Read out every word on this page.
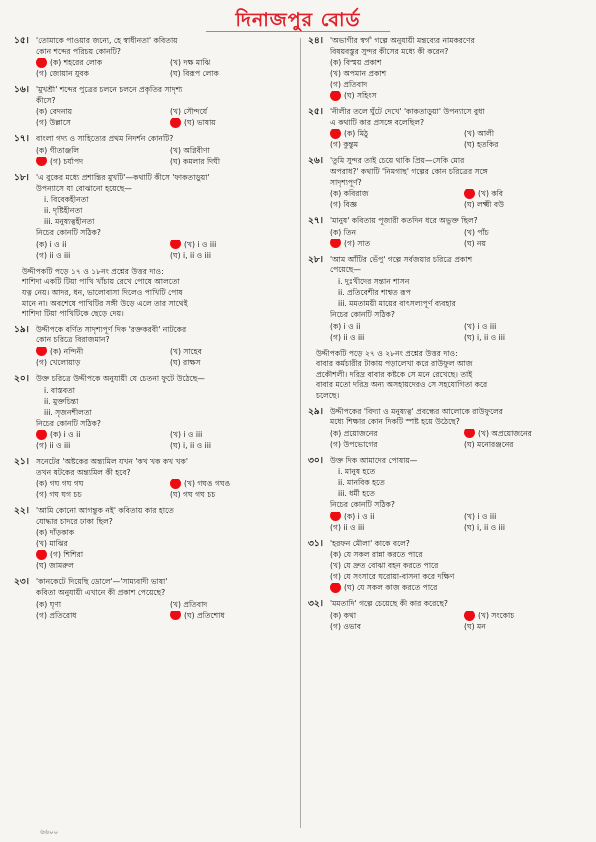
দিনাজপুর বোর্ড
১৫। 'তোমাকে পাওয়ার জন্যে, হে স্বাধীনতা' কবিতায়
কোন শব্দের পরিচয় কোনটি?
(ক) শহরের লোক	(খ) দক্ষ মাঝি
(গ) জোয়ান যুবক	(ঘ) বিরূপ লোক
১৬। 'মুখশ্রী' শব্দের পুত্রের চলনে চলনে প্রকৃতির সাদৃশ্য
কীসে?
(ক) বেদনায়	(খ) সৌন্দর্যে
(গ) উল্লাসে	(ঘ) ভাষায়
১৭। বাংলা গদ্য ও সাহিত্যের প্রথম নিদর্শন কোনটি?
(ক) গীতাঞ্জলি	(খ) অগ্নিবীণা
(গ) চর্যাপদ	(ঘ) কমলার দিঘী
১৮। 'এ বুকের মধ্যে প্রশান্তির মুখটি'—কথাটি কীসে 'ফাকতাড়ুয়া'
উপন্যাসে যা বোঝানো হয়েছে—
i. বিবেকহীনতা
ii. দৃষ্টিহীনতা
iii. মনুষ্যত্বহীনতা
নিচের কোনটি সঠিক?
(ক) i ও ii	(খ) i ও iii
(গ) ii ও iii	(ঘ) i, ii ও iii
উদ্দীপকটি পড়ে ১৭ ও ১৮নং প্রশ্নের উত্তর দাও:
শাশিদা একটি টিয়া পাখি খাঁচায় রেখে পোষে আলতো
যত্ন নেয়। আদর, ধন, ভালোবাসা দিলেও পাখিটি পোষ
মানে না। অবশেষে পাখিটির সঙ্গী উড়ে এলে তার সাথেই
শাশিদা টিয়া পাখিটিকে ছেড়ে দেয়।
১৯। উদ্দীপকে বর্ণিত সাদৃশ্যপূর্ণ দিক 'রক্তকরবী' নাটকের
কোন চরিত্রে বিরাজমান?
(ক) নন্দিনী	(খ) সাহেব
(গ) খেলোয়াড়	(ঘ) রাক্ষস
২০। উক্ত চরিত্রে উদ্দীপকে অনুযায়ী যে চেতনা ফুটে উঠেছে—
i. বাস্তবতা
ii. মুক্তচিন্তা
iii. সৃজনশীলতা
নিচের কোনটি সঠিক?
(ক) i ও ii	(খ) i ও iii
(গ) ii ও iii	(ঘ) i, ii ও iii
২১। সনেটের 'অষ্টকের অন্ত্যমিল যখন 'কখ খক কখ খক'
তখন ষটকের অন্ত্যমিল কী হবে?
(ক) গঘ গঘ গঘ	(খ) গঘঙ গঘঙ
(গ) গঘ ঘগ চচ	(ঘ) গঘ গঘ চচ
২২। 'আমি কোনো আগন্তুক নই' কবিতায় কার হাতে
যোদ্ধার চাদরে ঢাকা ছিল?
(ক) দাঁড়কাক
(খ) মাঝির
(গ) শিশিরা
(ঘ) জামরুল
২৩। 'কানকেটে দিয়েছি ডোলে'—'সাম্যবাদী ভাষা'
কবিতা অনুযায়ী এখানে কী প্রকাশ পেয়েছে?
(ক) ঘৃণা	(খ) প্রতিবাদ
(গ) প্রতিরোধ	(ঘ) প্রতিশোধ
২৪। 'অভাগীর স্বর্গ' গল্পে অনুযায়ী মন্তব্যের নামকরণের
বিষয়বস্তুর সুন্দর কীসের মধ্যে কী করেন?
(ক) বিস্ময় প্রকাশ
(খ) অপমান প্রকাশ
(গ) প্রতিবাদ
(ঘ) সহিংস
২৫। 'নীলীর তলে ঘুঁটে দেখে' 'কাকতাড়ুয়া' উপন্যাসে বুধা
এ কথাটি কার প্রসঙ্গে বলেছিল?
(ক) মিঠু	(খ) আলী
(গ) কুন্তুম	(ঘ) হতকির
২৬। 'তুমি সুন্দর তাই চেয়ে থাকি প্রিয়—সেকি মোর
অপরাধ?' কথাটি 'নিমগাছ' গল্পের কোন চরিত্রের সঙ্গে
সাদৃশ্যপূর্ণ?
(ক) কবিরাজ	(খ) কবি
(গ) বিজ্ঞ	(ঘ) লক্ষ্মী বউ
২৭। 'মানুষ' কবিতায় পূজারী কতদিন ধরে অভুক্ত ছিল?
(ক) তিন	(খ) পাঁচ
(গ) সাত	(ঘ) নয়
২৮। 'আম আঁটির ভেঁপু' গল্পে সর্বজয়ার চরিত্রে প্রকাশ
পেয়েছে—
i. দুঃখীদের সন্তান শাসন
ii. প্রতিবেশীর শাশ্বত রূপ
iii. মমতাময়ী মায়ের বাৎসল্যপূর্ণ ব্যবহার
নিচের কোনটি সঠিক?
(ক) i ও ii	(খ) i ও iii
(গ) ii ও iii	(ঘ) i, ii ও iii
উদ্দীপকটি পড়ে ২৭ ও ২৮নং প্রশ্নের উত্তর দাও:
বাবার কর্মচারীর টাকায় পড়ালেখা করে রাউফুল আজ
প্রকৌশলী। দরিদ্র বাবার কষ্টকে সে মনে রেখেছে। তাই
বাবার মতো দরিদ্র অন্য অসহায়দেরও সে সহযোগিতা করে
চলেছে।
২৯। উদ্দীপকের 'বিদ্যা ও মনুষ্যত্ব' প্রবন্ধের আলোকে রাউফুলের
মধ্যে শিক্ষার কোন দিকটি স্পষ্ট হয়ে উঠেছে?
(ক) প্রয়োজনের	(খ) অপ্রয়োজনের
(গ) উপভোগের	(ঘ) মনোরঞ্জনের
৩০। উক্ত দিক আমাদের পোষায়—
i. মানুষ হতে
ii. মানবিক হতে
iii. ধর্মী হতে
নিচের কোনটি সঠিক?
(ক) i ও ii	(খ) i ও iii
(গ) ii ও iii	(ঘ) i, ii ও iii
৩১। 'হরফন মৌলা' কাকে বলে?
(ক) যে সকল রান্না করতে পারে
(খ) যে দ্রুত বোঝা বহন করতে পারে
(গ) যে সংসারে ঘরোয়া-বাসনা করে দক্ষিণ
(ঘ) যে সকল কাজ করতে পারে
৩২। 'মমতাদি' গল্পে চেয়েছে কী কার করেছে?
(ক) কথা	(খ) সংকোচ
(গ) ওভাব	(ঘ) মন
৬৬০০
